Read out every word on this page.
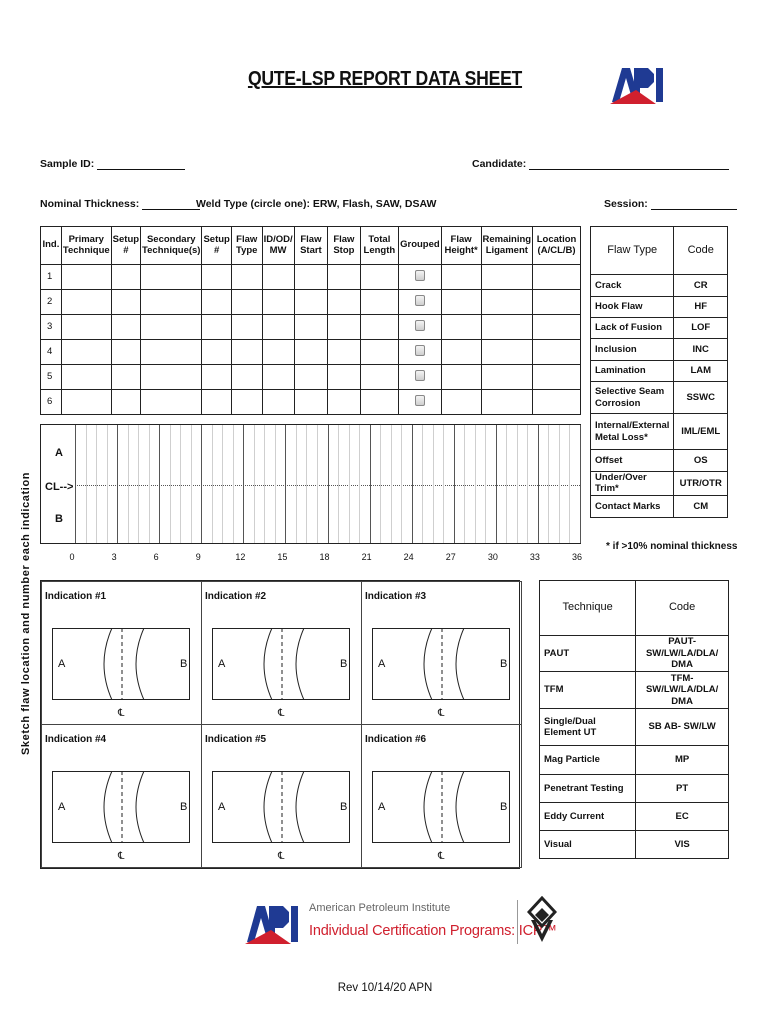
QUTE-LSP REPORT DATA SHEET
Sample ID:	Candidate:
Nominal Thickness:	Weld Type (circle one): ERW, Flash, SAW, DSAW	Session:
Ind.	Primary Technique	Setup #	Secondary Technique(s)	Setup #	Flaw Type	ID/OD/ MW	Flaw Start	Flaw Stop	Total Length	Grouped	Flaw Height*	Remaining Ligament	Location (A/CL/B)
1													
2													
3													
4													
5													
6													
Flaw Type	Code
Crack	CR
Hook Flaw	HF
Lack of Fusion	LOF
Inclusion	INC
Lamination	LAM
Selective Seam Corrosion	SSWC
Internal/External Metal Loss*	IML/EML
Offset	OS
Under/Over Trim*	UTR/OTR
Contact Marks	CM
* if >10% nominal thickness
A
CL-->
B
0	3	6	9	12	15	18	21	24	27	30	33	36
Sketch flaw location and number each indication Indication #1
A	B
℄
Indication #2
A	B
℄
Indication #3
A	B
℄
Indication #4
A	B
℄
Indication #5
A	B
℄
Indication #6
A	B
℄
Technique	Code
PAUT	PAUT- SW/LW/LA/DLA/ DMA
TFM	TFM- SW/LW/LA/DLA/ DMA
Single/Dual Element UT	SB AB- SW/LW
Mag Particle	MP
Penetrant Testing	PT
Eddy Current	EC
Visual	VIS
American Petroleum Institute
Individual Certification Programs: ICP™
Rev 10/14/20 APN
